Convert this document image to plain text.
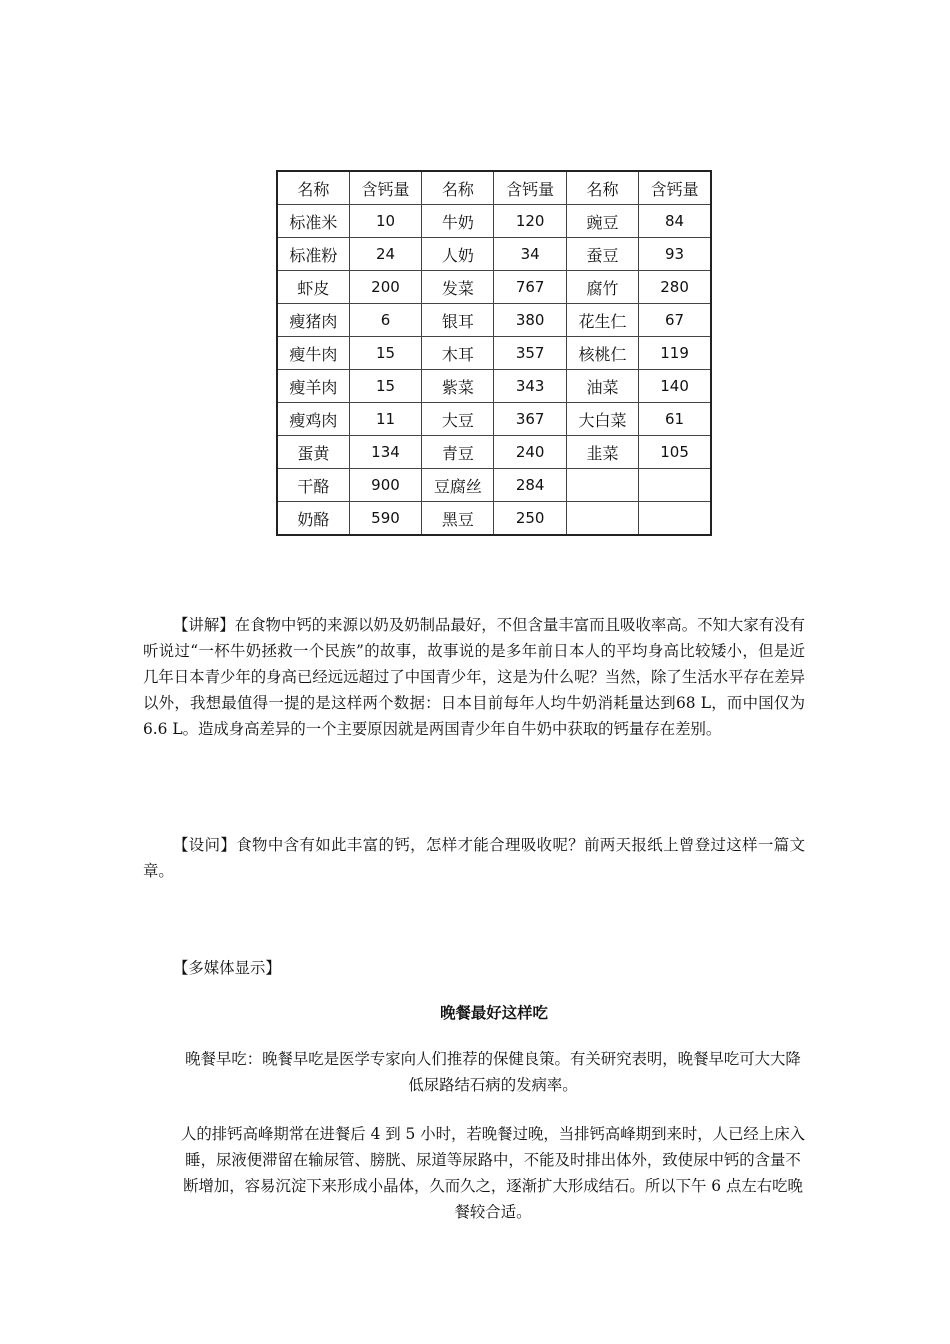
名称	含钙量	名称	含钙量	名称	含钙量
标准米	10	牛奶	120	豌豆	84
标准粉	24	人奶	34	蚕豆	93
虾皮	200	发菜	767	腐竹	280
瘦猪肉	6	银耳	380	花生仁	67
瘦牛肉	15	木耳	357	核桃仁	119
瘦羊肉	15	紫菜	343	油菜	140
瘦鸡肉	11	大豆	367	大白菜	61
蛋黄	134	青豆	240	韭菜	105
干酪	900	豆腐丝	284		
奶酪	590	黑豆	250		

【讲解】在食物中钙的来源以奶及奶制品最好，不但含量丰富而且吸收率高。不知大家有没有听说过“一杯牛奶拯救一个民族”的故事，故事说的是多年前日本人的平均身高比较矮小，但是近几年日本青少年的身高已经远远超过了中国青少年，这是为什么呢？当然，除了生活水平存在差异以外，我想最值得一提的是这样两个数据：日本目前每年人均牛奶消耗量达到68 L，而中国仅为6.6 L。造成身高差异的一个主要原因就是两国青少年自牛奶中获取的钙量存在差别。

【设问】食物中含有如此丰富的钙，怎样才能合理吸收呢？前两天报纸上曾登过这样一篇文章。

【多媒体显示】

晚餐最好这样吃

晚餐早吃：晚餐早吃是医学专家向人们推荐的保健良策。有关研究表明，晚餐早吃可大大降低尿路结石病的发病率。

人的排钙高峰期常在进餐后 4 到 5 小时，若晚餐过晚，当排钙高峰期到来时，人已经上床入睡，尿液便滞留在输尿管、膀胱、尿道等尿路中，不能及时排出体外，致使尿中钙的含量不断增加，容易沉淀下来形成小晶体，久而久之，逐渐扩大形成结石。所以下午 6 点左右吃晚餐较合适。
